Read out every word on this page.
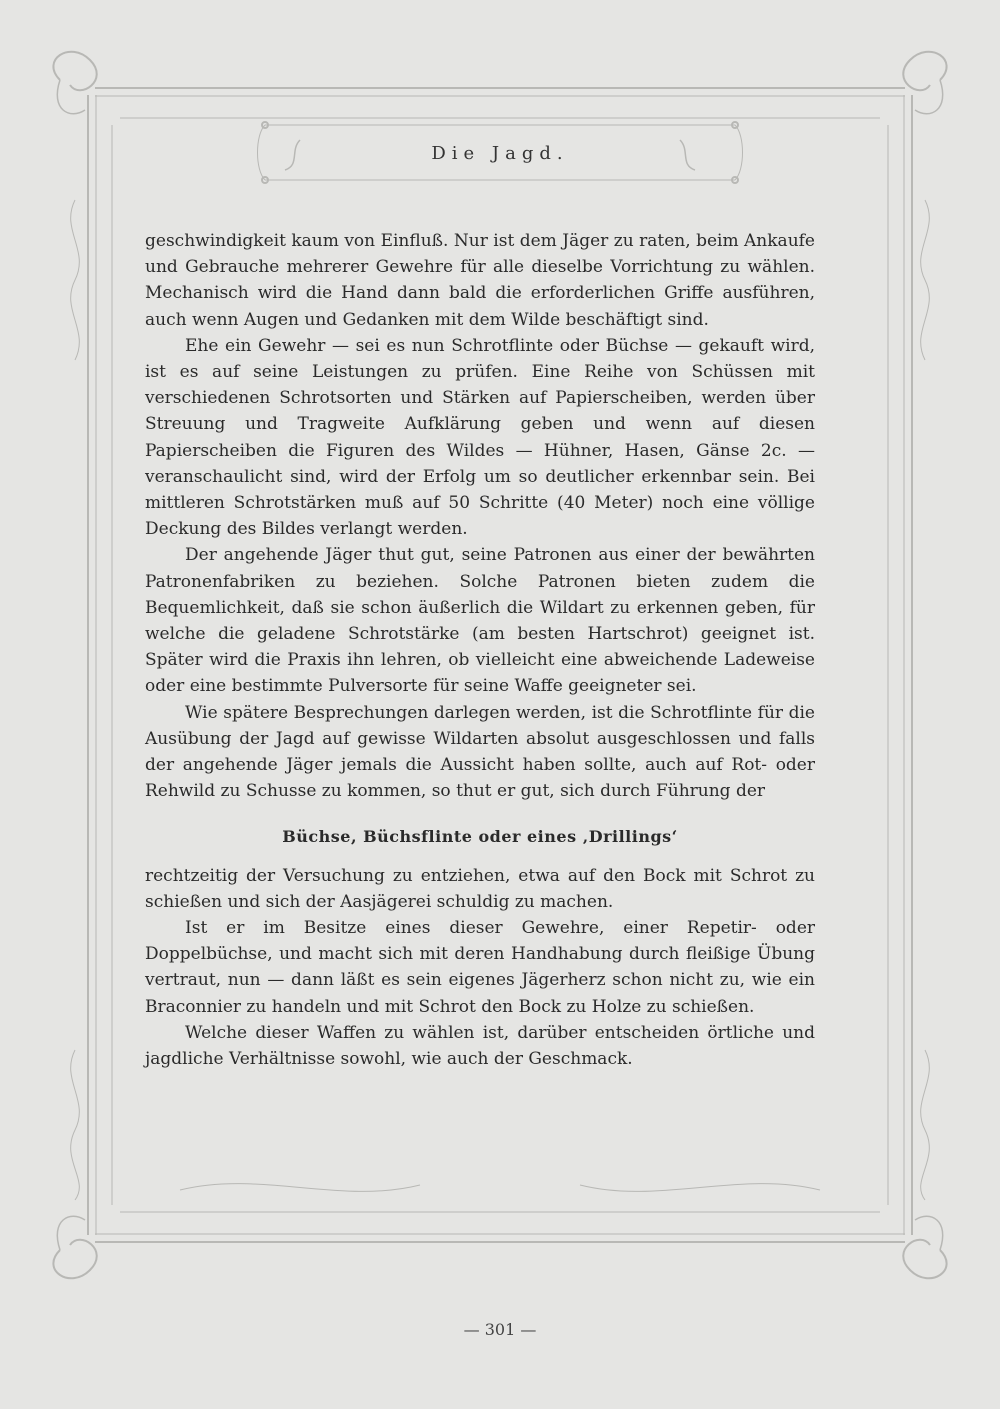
Die Jagd.

geschwindigkeit kaum von Einfluß. Nur ist dem Jäger zu raten, beim Ankaufe und Gebrauche mehrerer Gewehre für alle dieselbe Vorrichtung zu wählen. Mechanisch wird die Hand dann bald die erforderlichen Griffe ausführen, auch wenn Augen und Gedanken mit dem Wilde beschäftigt sind.

Ehe ein Gewehr — sei es nun Schrotflinte oder Büchse — gekauft wird, ist es auf seine Leistungen zu prüfen. Eine Reihe von Schüssen mit verschiedenen Schrotsorten und Stärken auf Papierscheiben, werden über Streuung und Tragweite Aufklärung geben und wenn auf diesen Papierscheiben die Figuren des Wildes — Hühner, Hasen, Gänse 2c. — veranschaulicht sind, wird der Erfolg um so deutlicher erkennbar sein. Bei mittleren Schrotstärken muß auf 50 Schritte (40 Meter) noch eine völlige Deckung des Bildes verlangt werden.

Der angehende Jäger thut gut, seine Patronen aus einer der bewährten Patronenfabriken zu beziehen. Solche Patronen bieten zudem die Bequemlichkeit, daß sie schon äußerlich die Wildart zu erkennen geben, für welche die geladene Schrotstärke (am besten Hartschrot) geeignet ist. Später wird die Praxis ihn lehren, ob vielleicht eine abweichende Ladeweise oder eine bestimmte Pulversorte für seine Waffe geeigneter sei.

Wie spätere Besprechungen darlegen werden, ist die Schrotflinte für die Ausübung der Jagd auf gewisse Wildarten absolut ausgeschlossen und falls der angehende Jäger jemals die Aussicht haben sollte, auch auf Rot- oder Rehwild zu Schusse zu kommen, so thut er gut, sich durch Führung der

Büchse, Büchsflinte oder eines ‚Drillings‘

rechtzeitig der Versuchung zu entziehen, etwa auf den Bock mit Schrot zu schießen und sich der Aasjägerei schuldig zu machen.

Ist er im Besitze eines dieser Gewehre, einer Repetir- oder Doppelbüchse, und macht sich mit deren Handhabung durch fleißige Übung vertraut, nun — dann läßt es sein eigenes Jägerherz schon nicht zu, wie ein Braconnier zu handeln und mit Schrot den Bock zu Holze zu schießen.

Welche dieser Waffen zu wählen ist, darüber entscheiden örtliche und jagdliche Verhältnisse sowohl, wie auch der Geschmack.

— 301 —
